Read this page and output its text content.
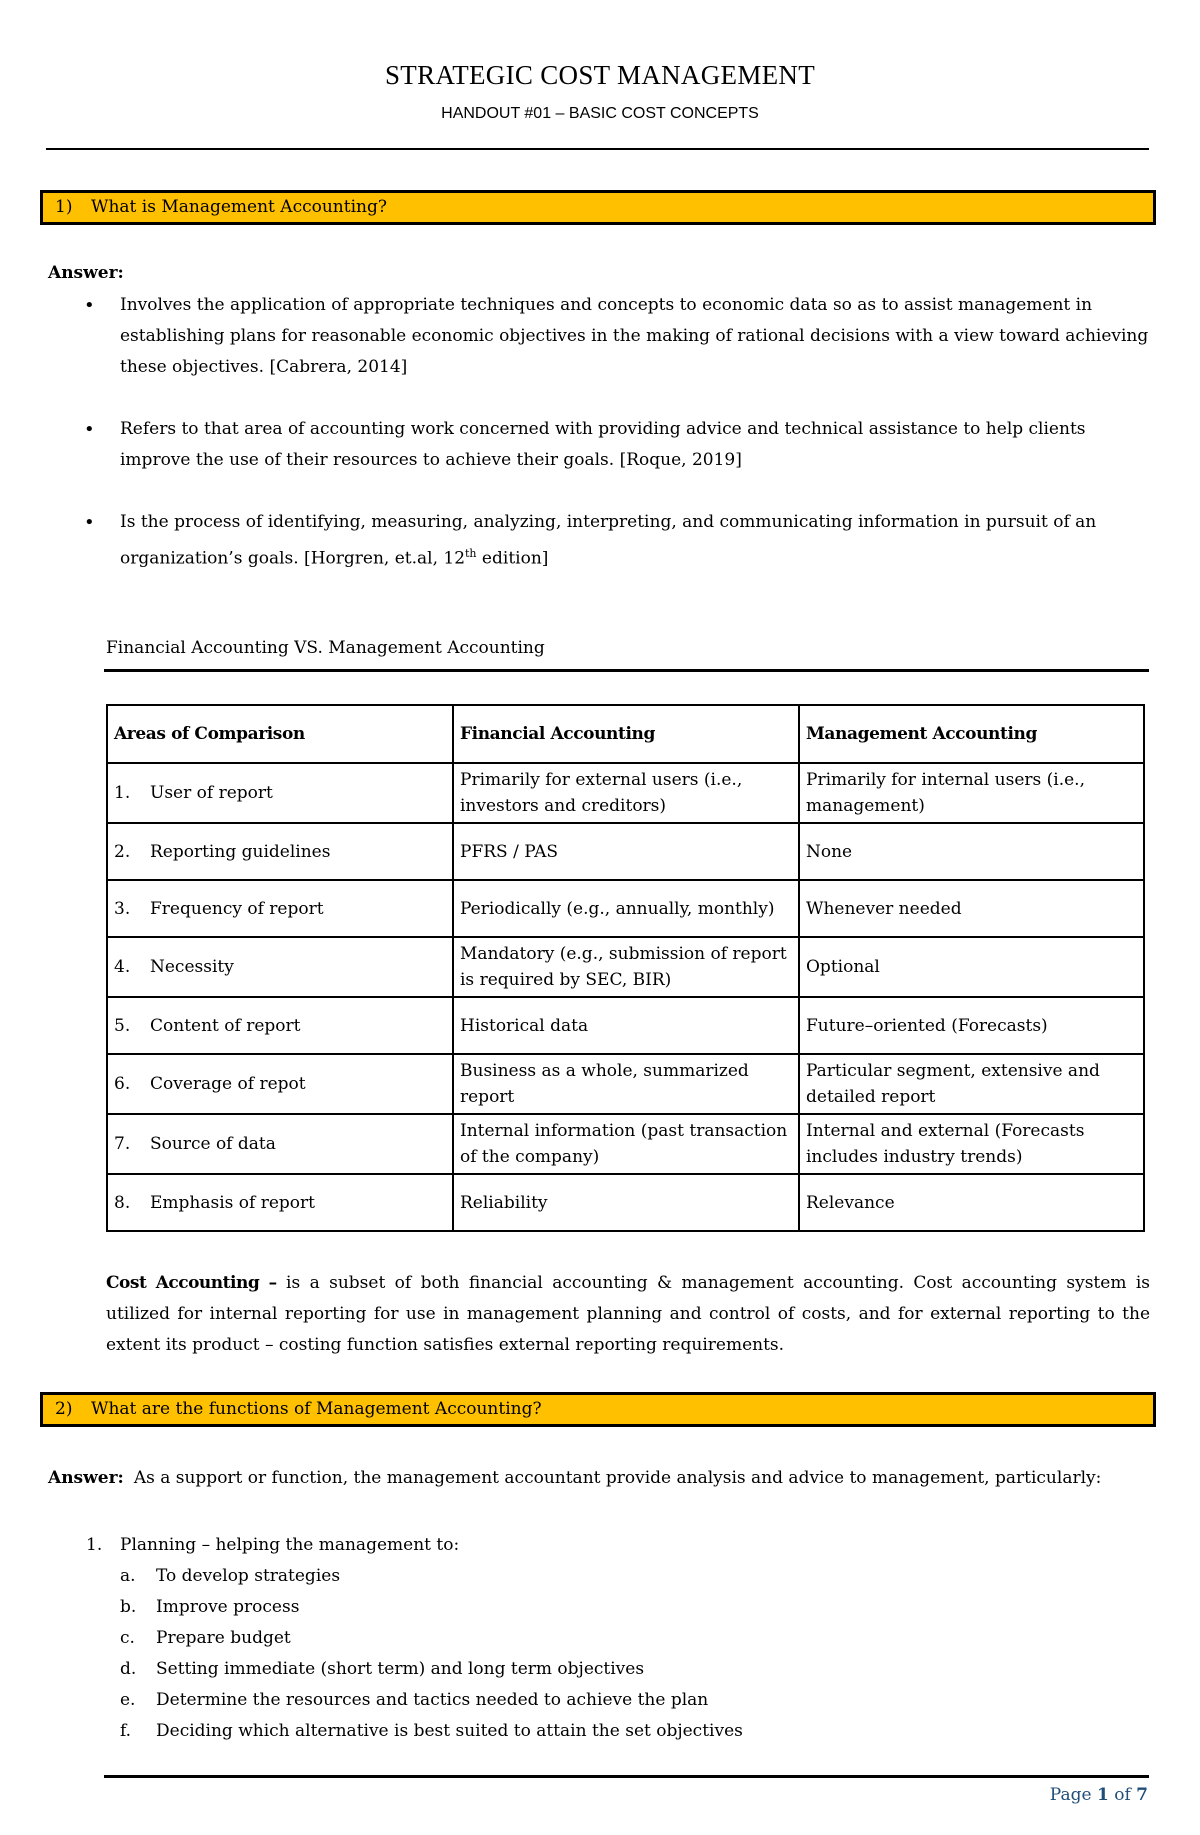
STRATEGIC COST MANAGEMENT
HANDOUT #01 – BASIC COST CONCEPTS
1) What is Management Accounting?
Answer:
• Involves the application of appropriate techniques and concepts to economic data so as to assist management in establishing plans for reasonable economic objectives in the making of rational decisions with a view toward achieving these objectives. [Cabrera, 2014]
• Refers to that area of accounting work concerned with providing advice and technical assistance to help clients improve the use of their resources to achieve their goals. [Roque, 2019]
• Is the process of identifying, measuring, analyzing, interpreting, and communicating information in pursuit of an organization’s goals. [Horgren, et.al, 12th edition]
Financial Accounting VS. Management Accounting
Areas of Comparison	Financial Accounting	Management Accounting
1. User of report	Primarily for external users (i.e., investors and creditors)	Primarily for internal users (i.e., management)
2. Reporting guidelines	PFRS / PAS	None
3. Frequency of report	Periodically (e.g., annually, monthly)	Whenever needed
4. Necessity	Mandatory (e.g., submission of report is required by SEC, BIR)	Optional
5. Content of report	Historical data	Future–oriented (Forecasts)
6. Coverage of repot	Business as a whole, summarized report	Particular segment, extensive and detailed report
7. Source of data	Internal information (past transaction of the company)	Internal and external (Forecasts includes industry trends)
8. Emphasis of report	Reliability	Relevance
Cost Accounting – is a subset of both financial accounting & management accounting. Cost accounting system is utilized for internal reporting for use in management planning and control of costs, and for external reporting to the extent its product – costing function satisfies external reporting requirements.
2) What are the functions of Management Accounting?
Answer: As a support or function, the management accountant provide analysis and advice to management, particularly:
1. Planning – helping the management to:
a. To develop strategies
b. Improve process
c. Prepare budget
d. Setting immediate (short term) and long term objectives
e. Determine the resources and tactics needed to achieve the plan
f. Deciding which alternative is best suited to attain the set objectives
Page 1 of 7
